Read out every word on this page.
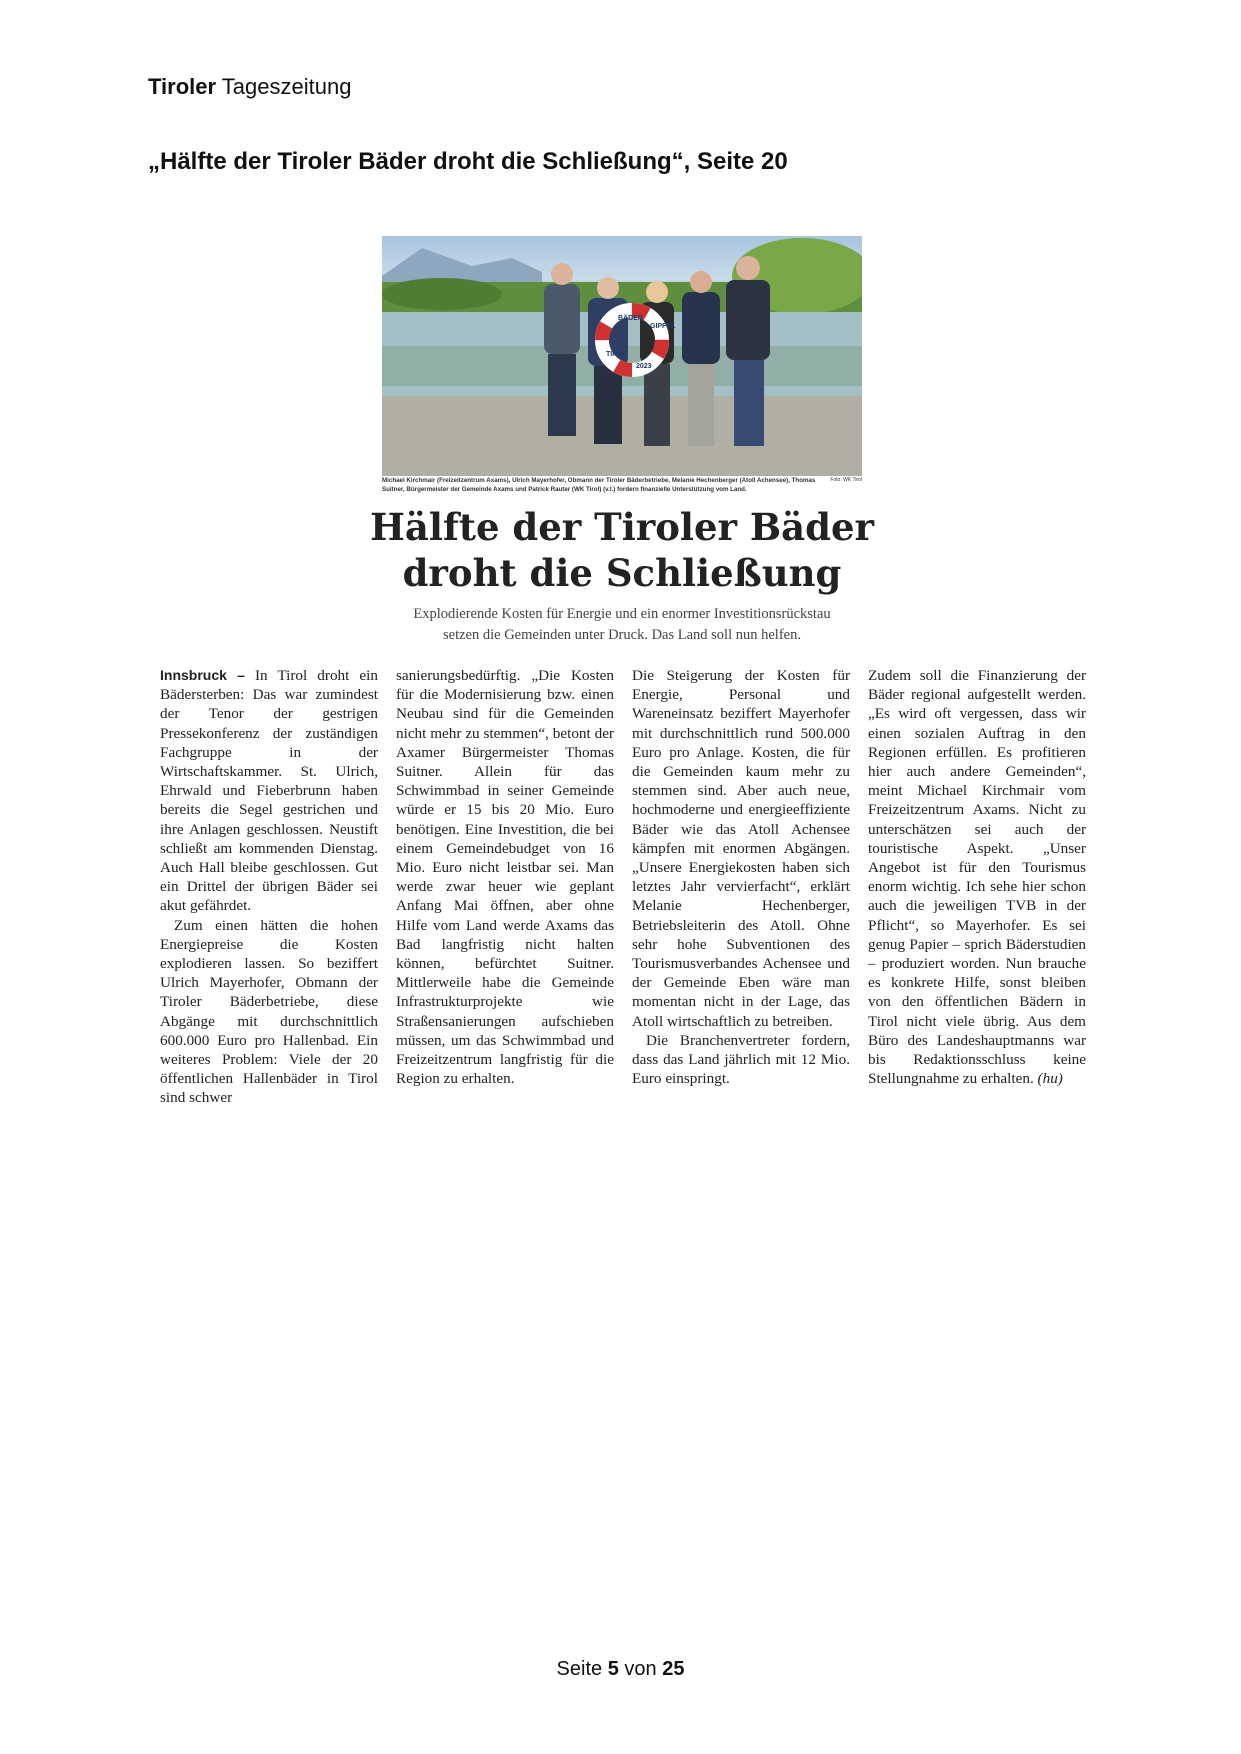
Tiroler Tageszeitung
„Hälfte der Tiroler Bäder droht die Schließung“, Seite 20
BÄDER
GIPFEL
TIROL
2023
Foto: WK Tirol
Michael Kirchmair (Freizeitzentrum Axams), Ulrich Mayerhofer, Obmann der Tiroler Bäderbetriebe, Melanie Hechenberger (Atoll Achensee), Thomas Suitner, Bürgermeister der Gemeinde Axams und Patrick Rauter (WK Tirol) (v.l.) fordern finanzielle Unterstützung vom Land.
Hälfte der Tiroler Bäder
droht die Schließung
Explodierende Kosten für Energie und ein enormer Investitionsrückstau
setzen die Gemeinden unter Druck. Das Land soll nun helfen.

Innsbruck – In Tirol droht ein Bädersterben: Das war zumindest der Tenor der gestrigen Pressekonferenz der zuständigen Fachgruppe in der Wirtschaftskammer. St. Ulrich, Ehrwald und Fieberbrunn haben bereits die Segel gestrichen und ihre Anlagen geschlossen. Neustift schließt am kommenden Dienstag. Auch Hall bleibe geschlossen. Gut ein Drittel der übrigen Bäder sei akut gefährdet.

Zum einen hätten die hohen Energiepreise die Kosten explodieren lassen. So beziffert Ulrich Mayerhofer, Obmann der Tiroler Bäderbetriebe, diese Abgänge mit durchschnittlich 600.000 Euro pro Hallenbad. Ein weiteres Problem: Viele der 20 öffentlichen Hallenbäder in Tirol sind schwer

sanierungsbedürftig. „Die Kosten für die Modernisierung bzw. einen Neubau sind für die Gemeinden nicht mehr zu stemmen“, betont der Axamer Bürgermeister Thomas Suitner. Allein für das Schwimmbad in seiner Gemeinde würde er 15 bis 20 Mio. Euro benötigen. Eine Investition, die bei einem Gemeindebudget von 16 Mio. Euro nicht leistbar sei. Man werde zwar heuer wie geplant Anfang Mai öffnen, aber ohne Hilfe vom Land werde Axams das Bad langfristig nicht halten können, befürchtet Suitner. Mittlerweile habe die Gemeinde Infrastrukturprojekte wie Straßensanierungen aufschieben müssen, um das Schwimmbad und Freizeitzentrum langfristig für die Region zu erhalten.

Die Steigerung der Kosten für Energie, Personal und Wareneinsatz beziffert Mayerhofer mit durchschnittlich rund 500.000 Euro pro Anlage. Kosten, die für die Gemeinden kaum mehr zu stemmen sind. Aber auch neue, hochmoderne und energieeffiziente Bäder wie das Atoll Achensee kämpfen mit enormen Abgängen. „Unsere Energiekosten haben sich letztes Jahr vervierfacht“, erklärt Melanie Hechenberger, Betriebsleiterin des Atoll. Ohne sehr hohe Subventionen des Tourismusverbandes Achensee und der Gemeinde Eben wäre man momentan nicht in der Lage, das Atoll wirtschaftlich zu betreiben.

Die Branchenvertreter fordern, dass das Land jährlich mit 12 Mio. Euro einspringt.

Zudem soll die Finanzierung der Bäder regional aufgestellt werden. „Es wird oft vergessen, dass wir einen sozialen Auftrag in den Regionen erfüllen. Es profitieren hier auch andere Gemeinden“, meint Michael Kirchmair vom Freizeitzentrum Axams. Nicht zu unterschätzen sei auch der touristische Aspekt. „Unser Angebot ist für den Tourismus enorm wichtig. Ich sehe hier schon auch die jeweiligen TVB in der Pflicht“, so Mayerhofer. Es sei genug Papier – sprich Bäderstudien – produziert worden. Nun brauche es konkrete Hilfe, sonst bleiben von den öffentlichen Bädern in Tirol nicht viele übrig. Aus dem Büro des Landeshauptmanns war bis Redaktionsschluss keine Stellungnahme zu erhalten. (hu)

Seite 5 von 25
